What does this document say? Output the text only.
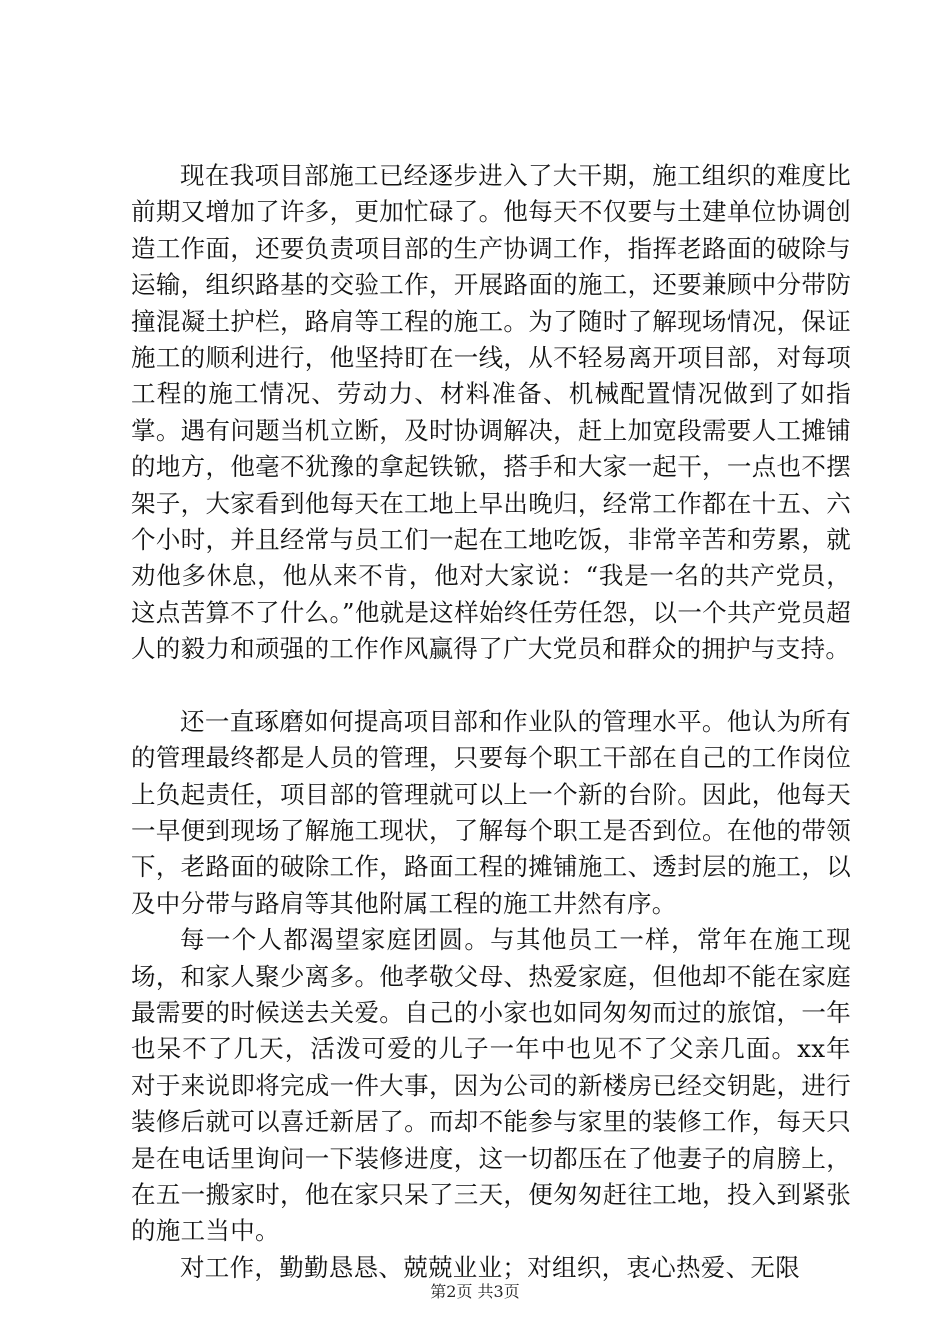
现在我项目部施工已经逐步进入了大干期，施工组织的难度比前期又增加了许多，更加忙碌了。他每天不仅要与土建单位协调创造工作面，还要负责项目部的生产协调工作，指挥老路面的破除与运输，组织路基的交验工作，开展路面的施工，还要兼顾中分带防撞混凝土护栏，路肩等工程的施工。为了随时了解现场情况，保证施工的顺利进行，他坚持盯在一线，从不轻易离开项目部，对每项工程的施工情况、劳动力、材料准备、机械配置情况做到了如指掌。遇有问题当机立断，及时协调解决，赶上加宽段需要人工摊铺的地方，他毫不犹豫的拿起铁锨，搭手和大家一起干，一点也不摆架子，大家看到他每天在工地上早出晚归，经常工作都在十五、六个小时，并且经常与员工们一起在工地吃饭，非常辛苦和劳累，就劝他多休息，他从来不肯，他对大家说：“我是一名的共产党员，这点苦算不了什么。”他就是这样始终任劳任怨，以一个共产党员超人的毅力和顽强的工作作风赢得了广大党员和群众的拥护与支持。

还一直琢磨如何提高项目部和作业队的管理水平。他认为所有的管理最终都是人员的管理，只要每个职工干部在自己的工作岗位上负起责任，项目部的管理就可以上一个新的台阶。因此，他每天一早便到现场了解施工现状，了解每个职工是否到位。在他的带领下，老路面的破除工作，路面工程的摊铺施工、透封层的施工，以及中分带与路肩等其他附属工程的施工井然有序。

每一个人都渴望家庭团圆。与其他员工一样，常年在施工现场，和家人聚少离多。他孝敬父母、热爱家庭，但他却不能在家庭最需要的时候送去关爱。自己的小家也如同匆匆而过的旅馆，一年也呆不了几天，活泼可爱的儿子一年中也见不了父亲几面。xx年对于来说即将完成一件大事，因为公司的新楼房已经交钥匙，进行装修后就可以喜迁新居了。而却不能参与家里的装修工作，每天只是在电话里询问一下装修进度，这一切都压在了他妻子的肩膀上，在五一搬家时，他在家只呆了三天，便匆匆赶往工地，投入到紧张的施工当中。

对工作，勤勤恳恳、兢兢业业；对组织，衷心热爱、无限

第2页 共3页
